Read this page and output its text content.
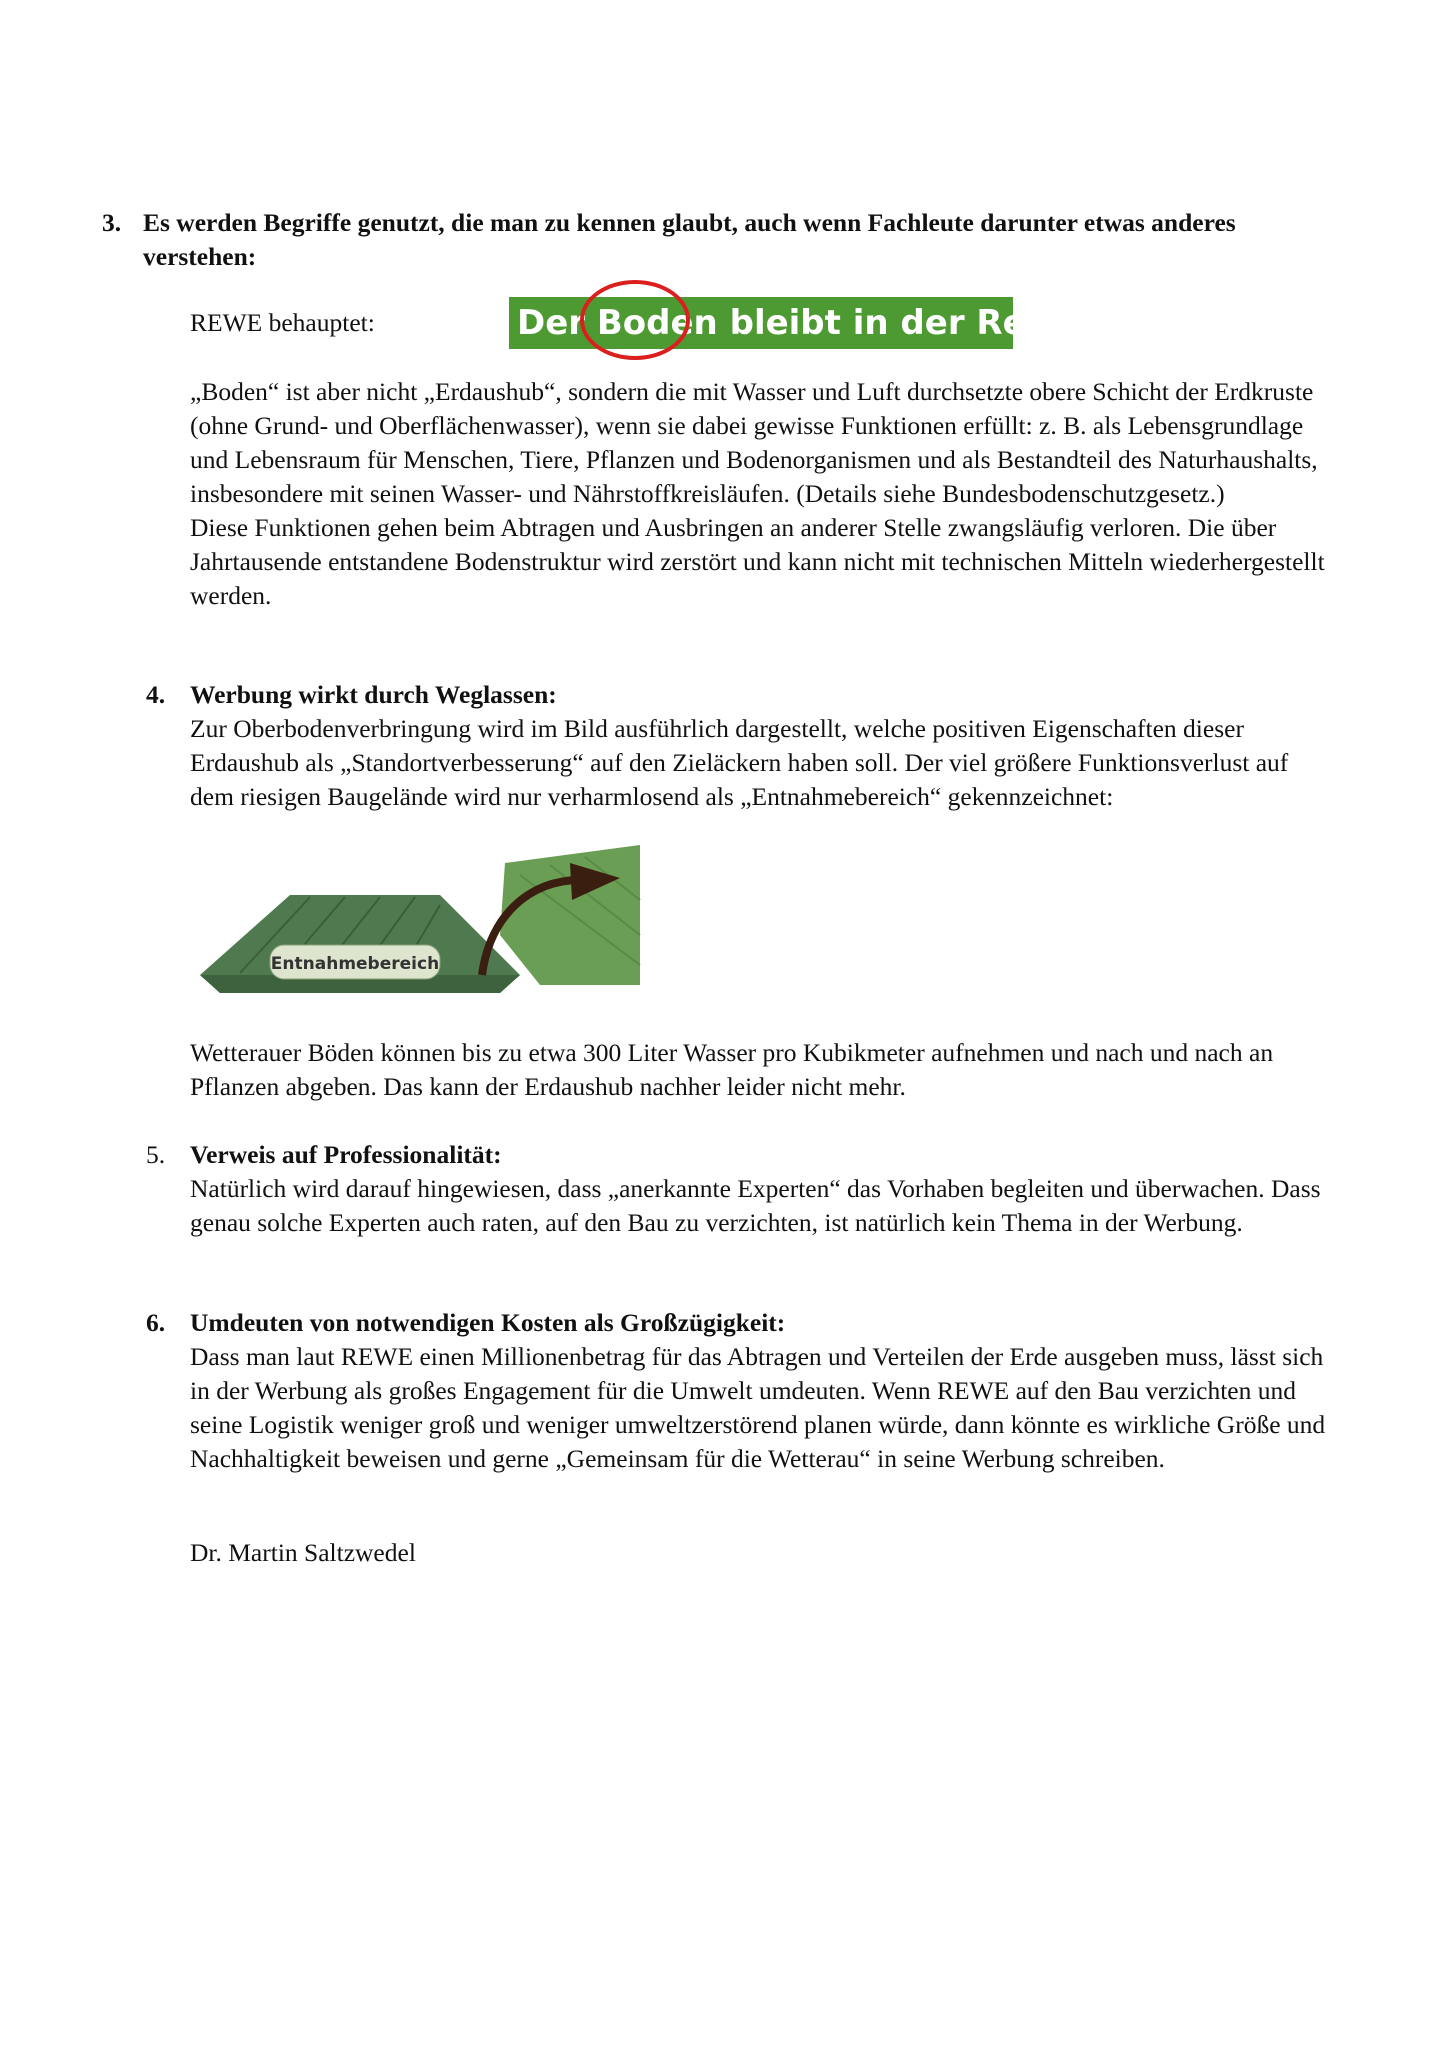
3. Es werden Begriffe genutzt, die man zu kennen glaubt, auch wenn Fachleute darunter etwas anderes verstehen:

REWE behauptet:	Der Boden bleibt in der Region

„Boden“ ist aber nicht „Erdaushub“, sondern die mit Wasser und Luft durchsetzte obere Schicht der Erdkruste (ohne Grund- und Oberflächenwasser), wenn sie dabei gewisse Funktionen erfüllt: z. B. als Lebensgrundlage und Lebensraum für Menschen, Tiere, Pflanzen und Bodenorganismen und als Bestandteil des Naturhaushalts, insbesondere mit seinen Wasser- und Nährstoffkreisläufen. (Details siehe Bundesbodenschutzgesetz.)

Diese Funktionen gehen beim Abtragen und Ausbringen an anderer Stelle zwangsläufig verloren. Die über Jahrtausende entstandene Bodenstruktur wird zerstört und kann nicht mit technischen Mitteln wiederhergestellt werden.

4. Werbung wirkt durch Weglassen:

Zur Oberbodenverbringung wird im Bild ausführlich dargestellt, welche positiven Eigenschaften dieser Erdaushub als „Standortverbesserung“ auf den Zieläckern haben soll. Der viel größere Funktionsverlust auf dem riesigen Baugelände wird nur verharmlosend als „Entnahmebereich“ gekennzeichnet:

Entnahmebereich

Wetterauer Böden können bis zu etwa 300 Liter Wasser pro Kubikmeter aufnehmen und nach und nach an Pflanzen abgeben. Das kann der Erdaushub nachher leider nicht mehr.

5. Verweis auf Professionalität:

Natürlich wird darauf hingewiesen, dass „anerkannte Experten“ das Vorhaben begleiten und überwachen. Dass genau solche Experten auch raten, auf den Bau zu verzichten, ist natürlich kein Thema in der Werbung.

6. Umdeuten von notwendigen Kosten als Großzügigkeit:

Dass man laut REWE einen Millionenbetrag für das Abtragen und Verteilen der Erde ausgeben muss, lässt sich in der Werbung als großes Engagement für die Umwelt umdeuten. Wenn REWE auf den Bau verzichten und seine Logistik weniger groß und weniger umweltzerstörend planen würde, dann könnte es wirkliche Größe und Nachhaltigkeit beweisen und gerne „Gemeinsam für die Wetterau“ in seine Werbung schreiben.

Dr. Martin Saltzwedel
